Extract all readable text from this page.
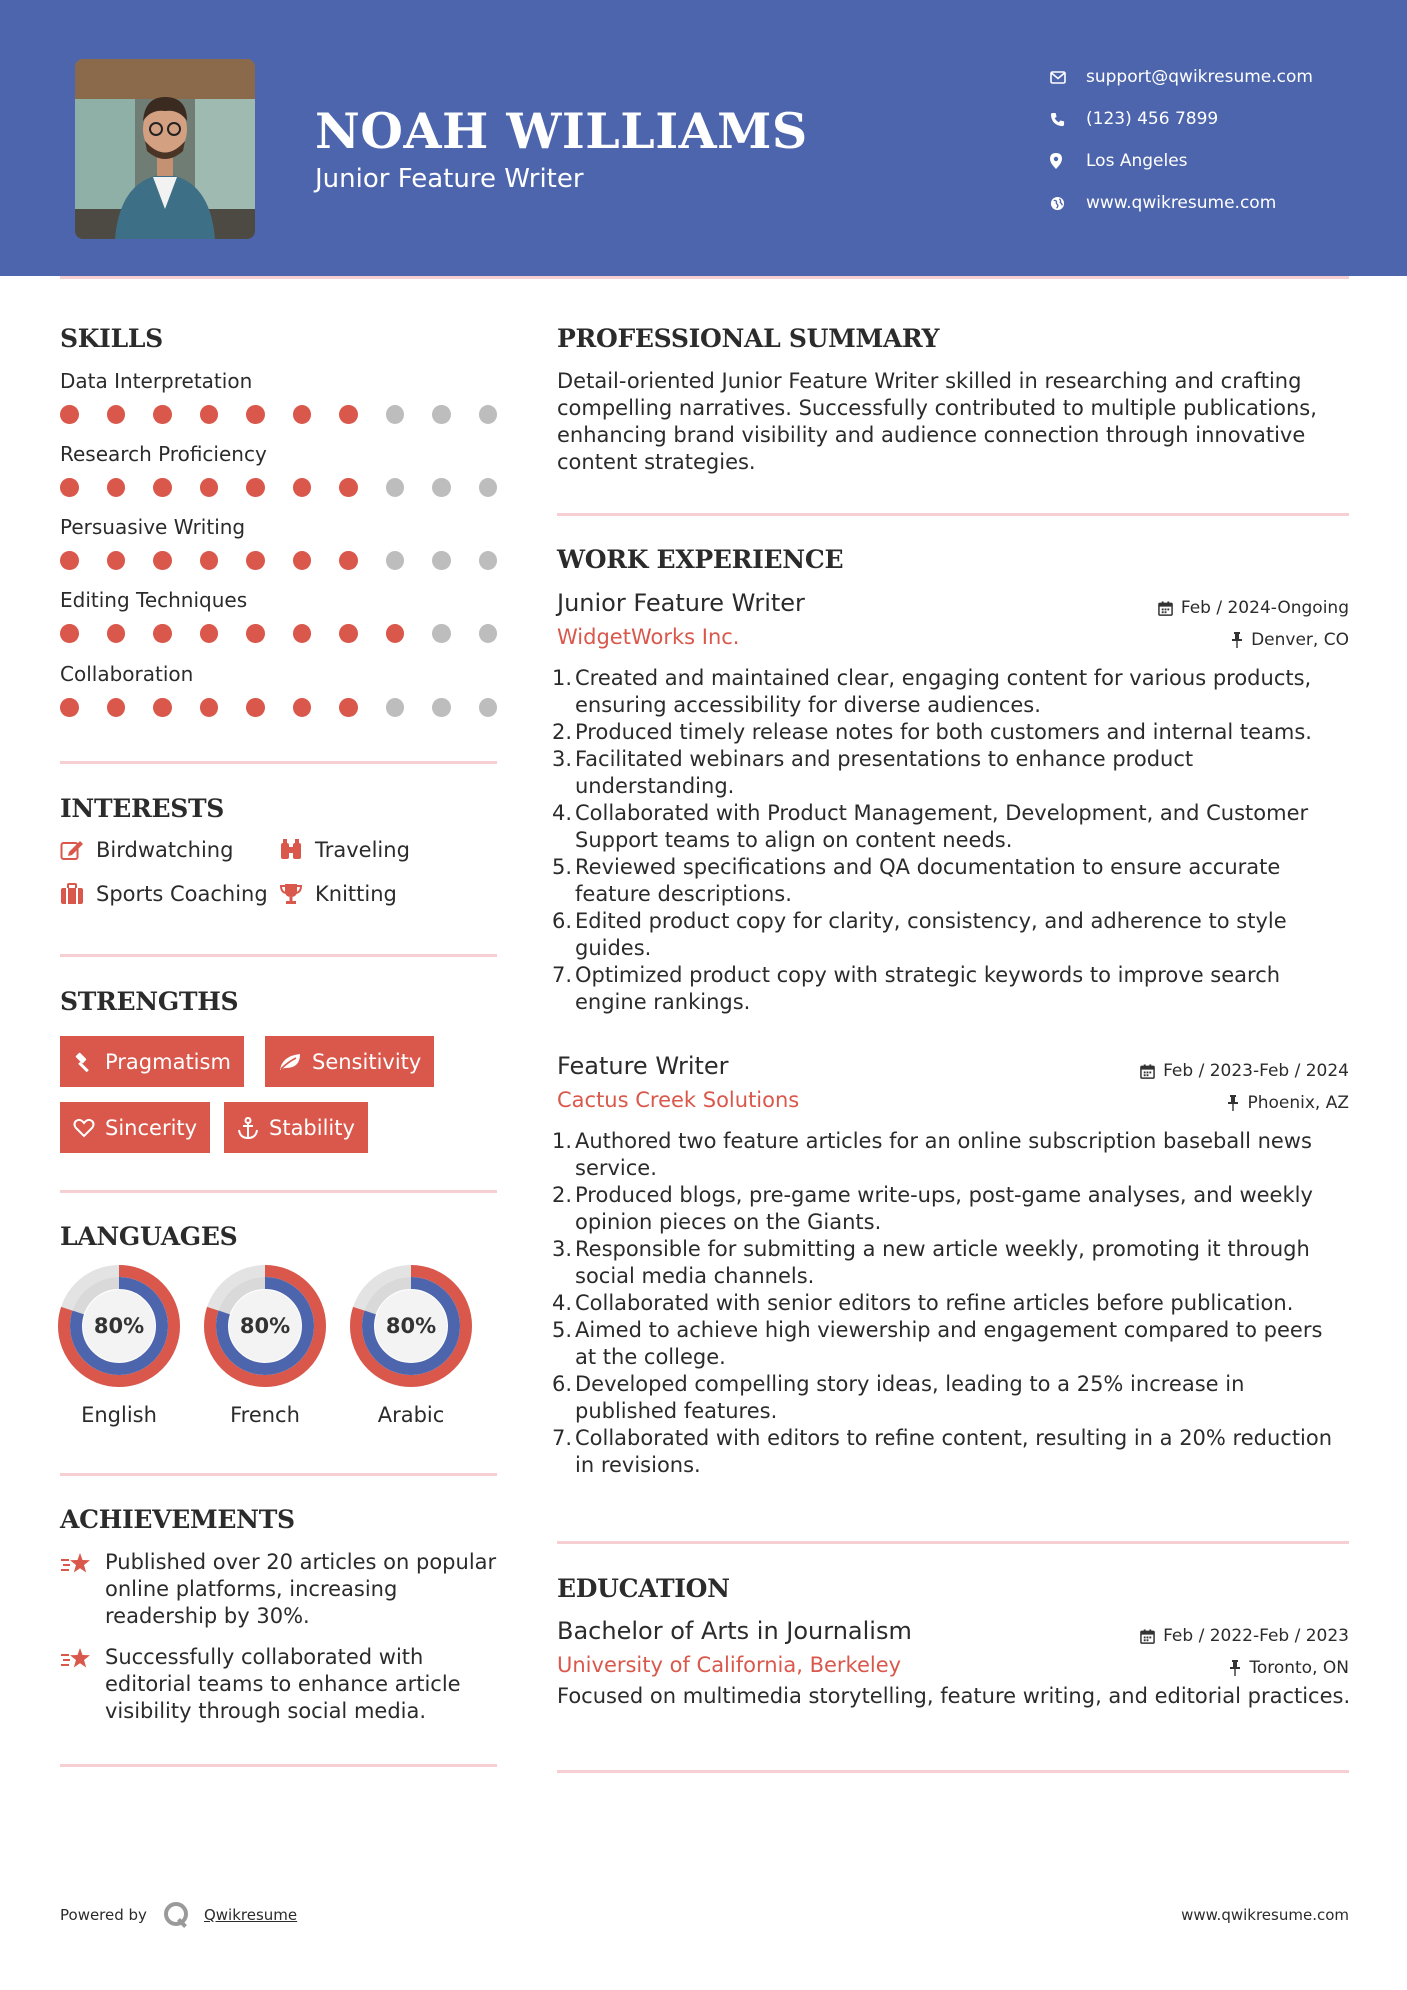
NOAH WILLIAMS
Junior Feature Writer
support@qwikresume.com
(123) 456 7899
Los Angeles
www.qwikresume.com
SKILLS
Data Interpretation
Research Proficiency
Persuasive Writing
Editing Techniques
Collaboration
INTERESTS
Birdwatching	Traveling
Sports Coaching Knitting
STRENGTHS
Pragmatism	Sensitivity
Sincerity	Stability
LANGUAGES
80%
English
80%
French
80%
Arabic
ACHIEVEMENTS
Published over 20 articles on popular online platforms, increasing readership by 30%.
Successfully collaborated with editorial teams to enhance article visibility through social media.
PROFESSIONAL SUMMARY
Detail-oriented Junior Feature Writer skilled in researching and crafting compelling narratives. Successfully contributed to multiple publications, enhancing brand visibility and audience connection through innovative content strategies.
WORK EXPERIENCE
Junior Feature Writer	Feb / 2024-Ongoing
WidgetWorks Inc.	Denver, CO
1. Created and maintained clear, engaging content for various products, ensuring accessibility for diverse audiences.
2. Produced timely release notes for both customers and internal teams.
3. Facilitated webinars and presentations to enhance product understanding.
4. Collaborated with Product Management, Development, and Customer Support teams to align on content needs.
5. Reviewed specifications and QA documentation to ensure accurate feature descriptions.
6. Edited product copy for clarity, consistency, and adherence to style guides.
7. Optimized product copy with strategic keywords to improve search engine rankings.
Feature Writer	Feb / 2023-Feb / 2024
Cactus Creek Solutions	Phoenix, AZ
1. Authored two feature articles for an online subscription baseball news service.
2. Produced blogs, pre-game write-ups, post-game analyses, and weekly opinion pieces on the Giants.
3. Responsible for submitting a new article weekly, promoting it through social media channels.
4. Collaborated with senior editors to refine articles before publication.
5. Aimed to achieve high viewership and engagement compared to peers at the college.
6. Developed compelling story ideas, leading to a 25% increase in published features.
7. Collaborated with editors to refine content, resulting in a 20% reduction in revisions.
EDUCATION
Bachelor of Arts in Journalism	Feb / 2022-Feb / 2023
University of California, Berkeley	Toronto, ON
Focused on multimedia storytelling, feature writing, and editorial practices.
Powered by	Qwikresume	www.qwikresume.com
